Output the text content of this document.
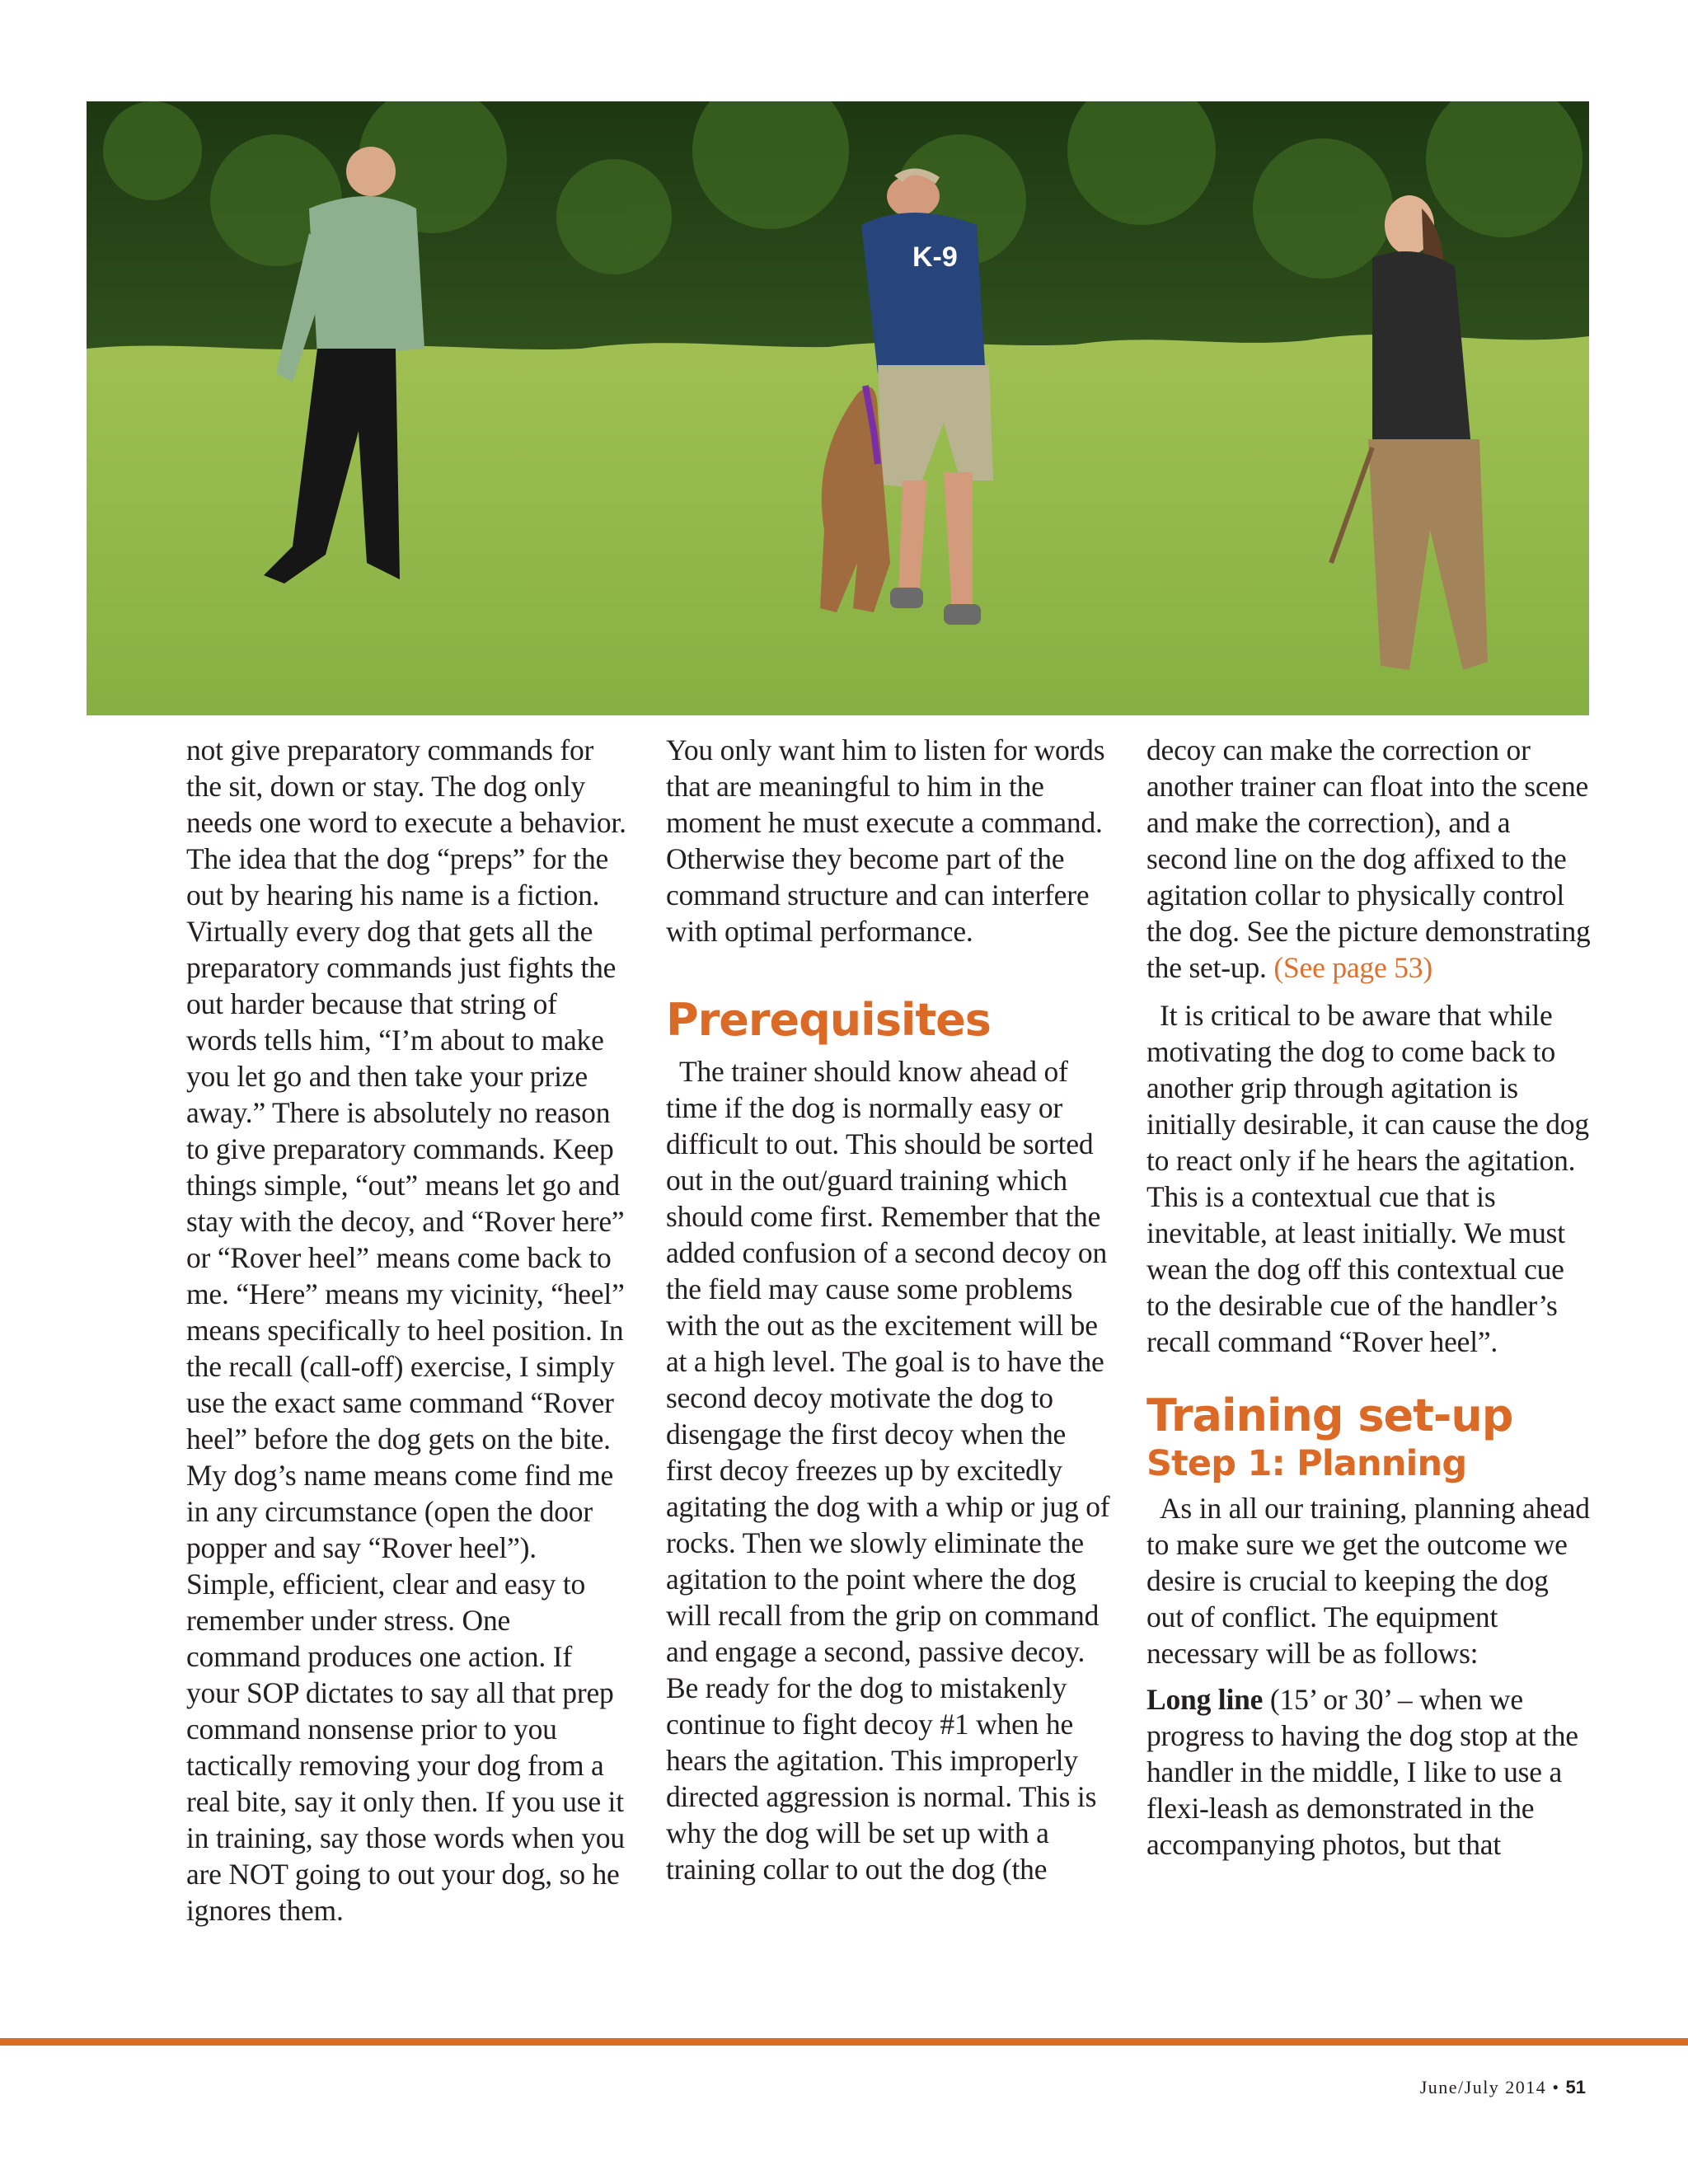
K-9

not give preparatory commands for the sit, down or stay. The dog only needs one word to execute a behavior. The idea that the dog “preps” for the out by hearing his name is a fiction. Virtually every dog that gets all the preparatory commands just fights the out harder because that string of words tells him, “I’m about to make you let go and then take your prize away.” There is absolutely no reason to give preparatory commands. Keep things simple, “out” means let go and stay with the decoy, and “Rover here” or “Rover heel” means come back to me. “Here” means my vicinity, “heel” means specifically to heel position. In the recall (call-off) exercise, I simply use the exact same command “Rover heel” before the dog gets on the bite. My dog’s name means come find me in any circumstance (open the door popper and say “Rover heel”). Simple, efficient, clear and easy to remember under stress. One command produces one action. If your SOP dictates to say all that prep command nonsense prior to you tactically removing your dog from a real bite, say it only then. If you use it in training, say those words when you are NOT going to out your dog, so he ignores them.

You only want him to listen for words that are meaningful to him in the moment he must execute a command. Otherwise they become part of the command structure and can interfere with optimal performance.

Prerequisites

The trainer should know ahead of time if the dog is normally easy or difficult to out. This should be sorted out in the out/guard training which should come first. Remember that the added confusion of a second decoy on the field may cause some problems with the out as the excitement will be at a high level. The goal is to have the second decoy motivate the dog to disengage the first decoy when the first decoy freezes up by excitedly agitating the dog with a whip or jug of rocks. Then we slowly eliminate the agitation to the point where the dog will recall from the grip on command and engage a second, passive decoy. Be ready for the dog to mistakenly continue to fight decoy #1 when he hears the agitation. This improperly directed aggression is normal. This is why the dog will be set up with a training collar to out the dog (the

decoy can make the correction or another trainer can float into the scene and make the correction), and a second line on the dog affixed to the agitation collar to physically control the dog. See the picture demonstrating the set-up. (See page 53)

It is critical to be aware that while motivating the dog to come back to another grip through agitation is initially desirable, it can cause the dog to react only if he hears the agitation. This is a contextual cue that is inevitable, at least initially. We must wean the dog off this contextual cue to the desirable cue of the handler’s recall command “Rover heel”.

Training set-up
Step 1: Planning

As in all our training, planning ahead to make sure we get the outcome we desire is crucial to keeping the dog out of conflict. The equipment necessary will be as follows:

Long line (15’ or 30’ – when we progress to having the dog stop at the handler in the middle, I like to use a flexi-leash as demonstrated in the accompanying photos, but that

June/July 2014 • 51
